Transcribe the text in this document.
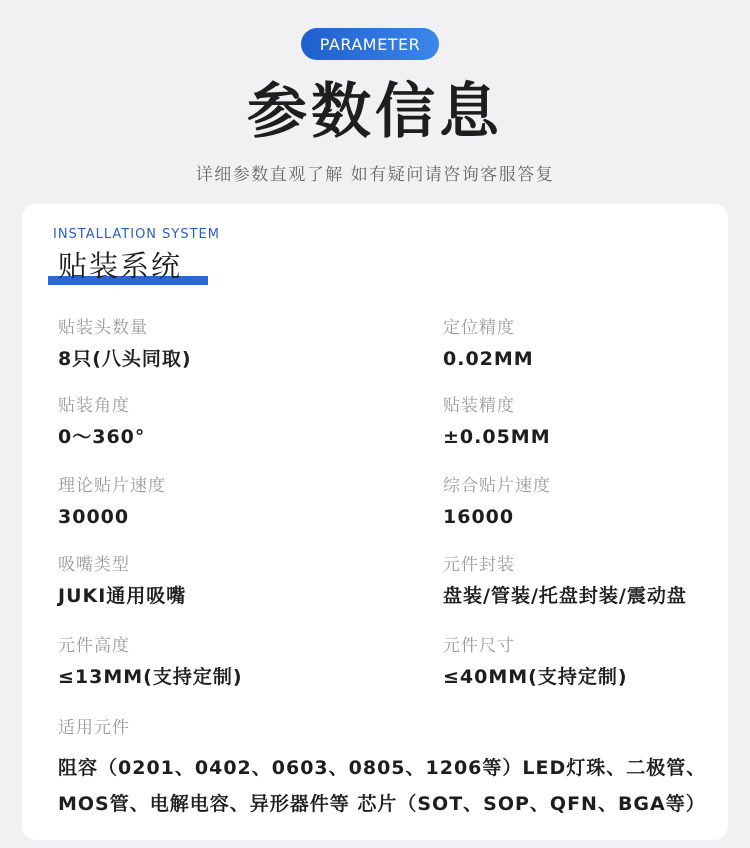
PARAMETER
参数信息
详细参数直观了解 如有疑问请咨询客服答复
INSTALLATION SYSTEM
贴装系统
贴装头数量
8只(八头同取)
定位精度
0.02MM
贴装角度
0～360°
贴装精度
±0.05MM
理论贴片速度
30000
综合贴片速度
16000
吸嘴类型
JUKI通用吸嘴
元件封装
盘装/管装/托盘封装/震动盘
元件高度
≤13MM(支持定制)
元件尺寸
≤40MM(支持定制)
适用元件
阻容（0201、0402、0603、0805、1206等）LED灯珠、二极管、
MOS管、电解电容、异形器件等 芯片（SOT、SOP、QFN、BGA等）
